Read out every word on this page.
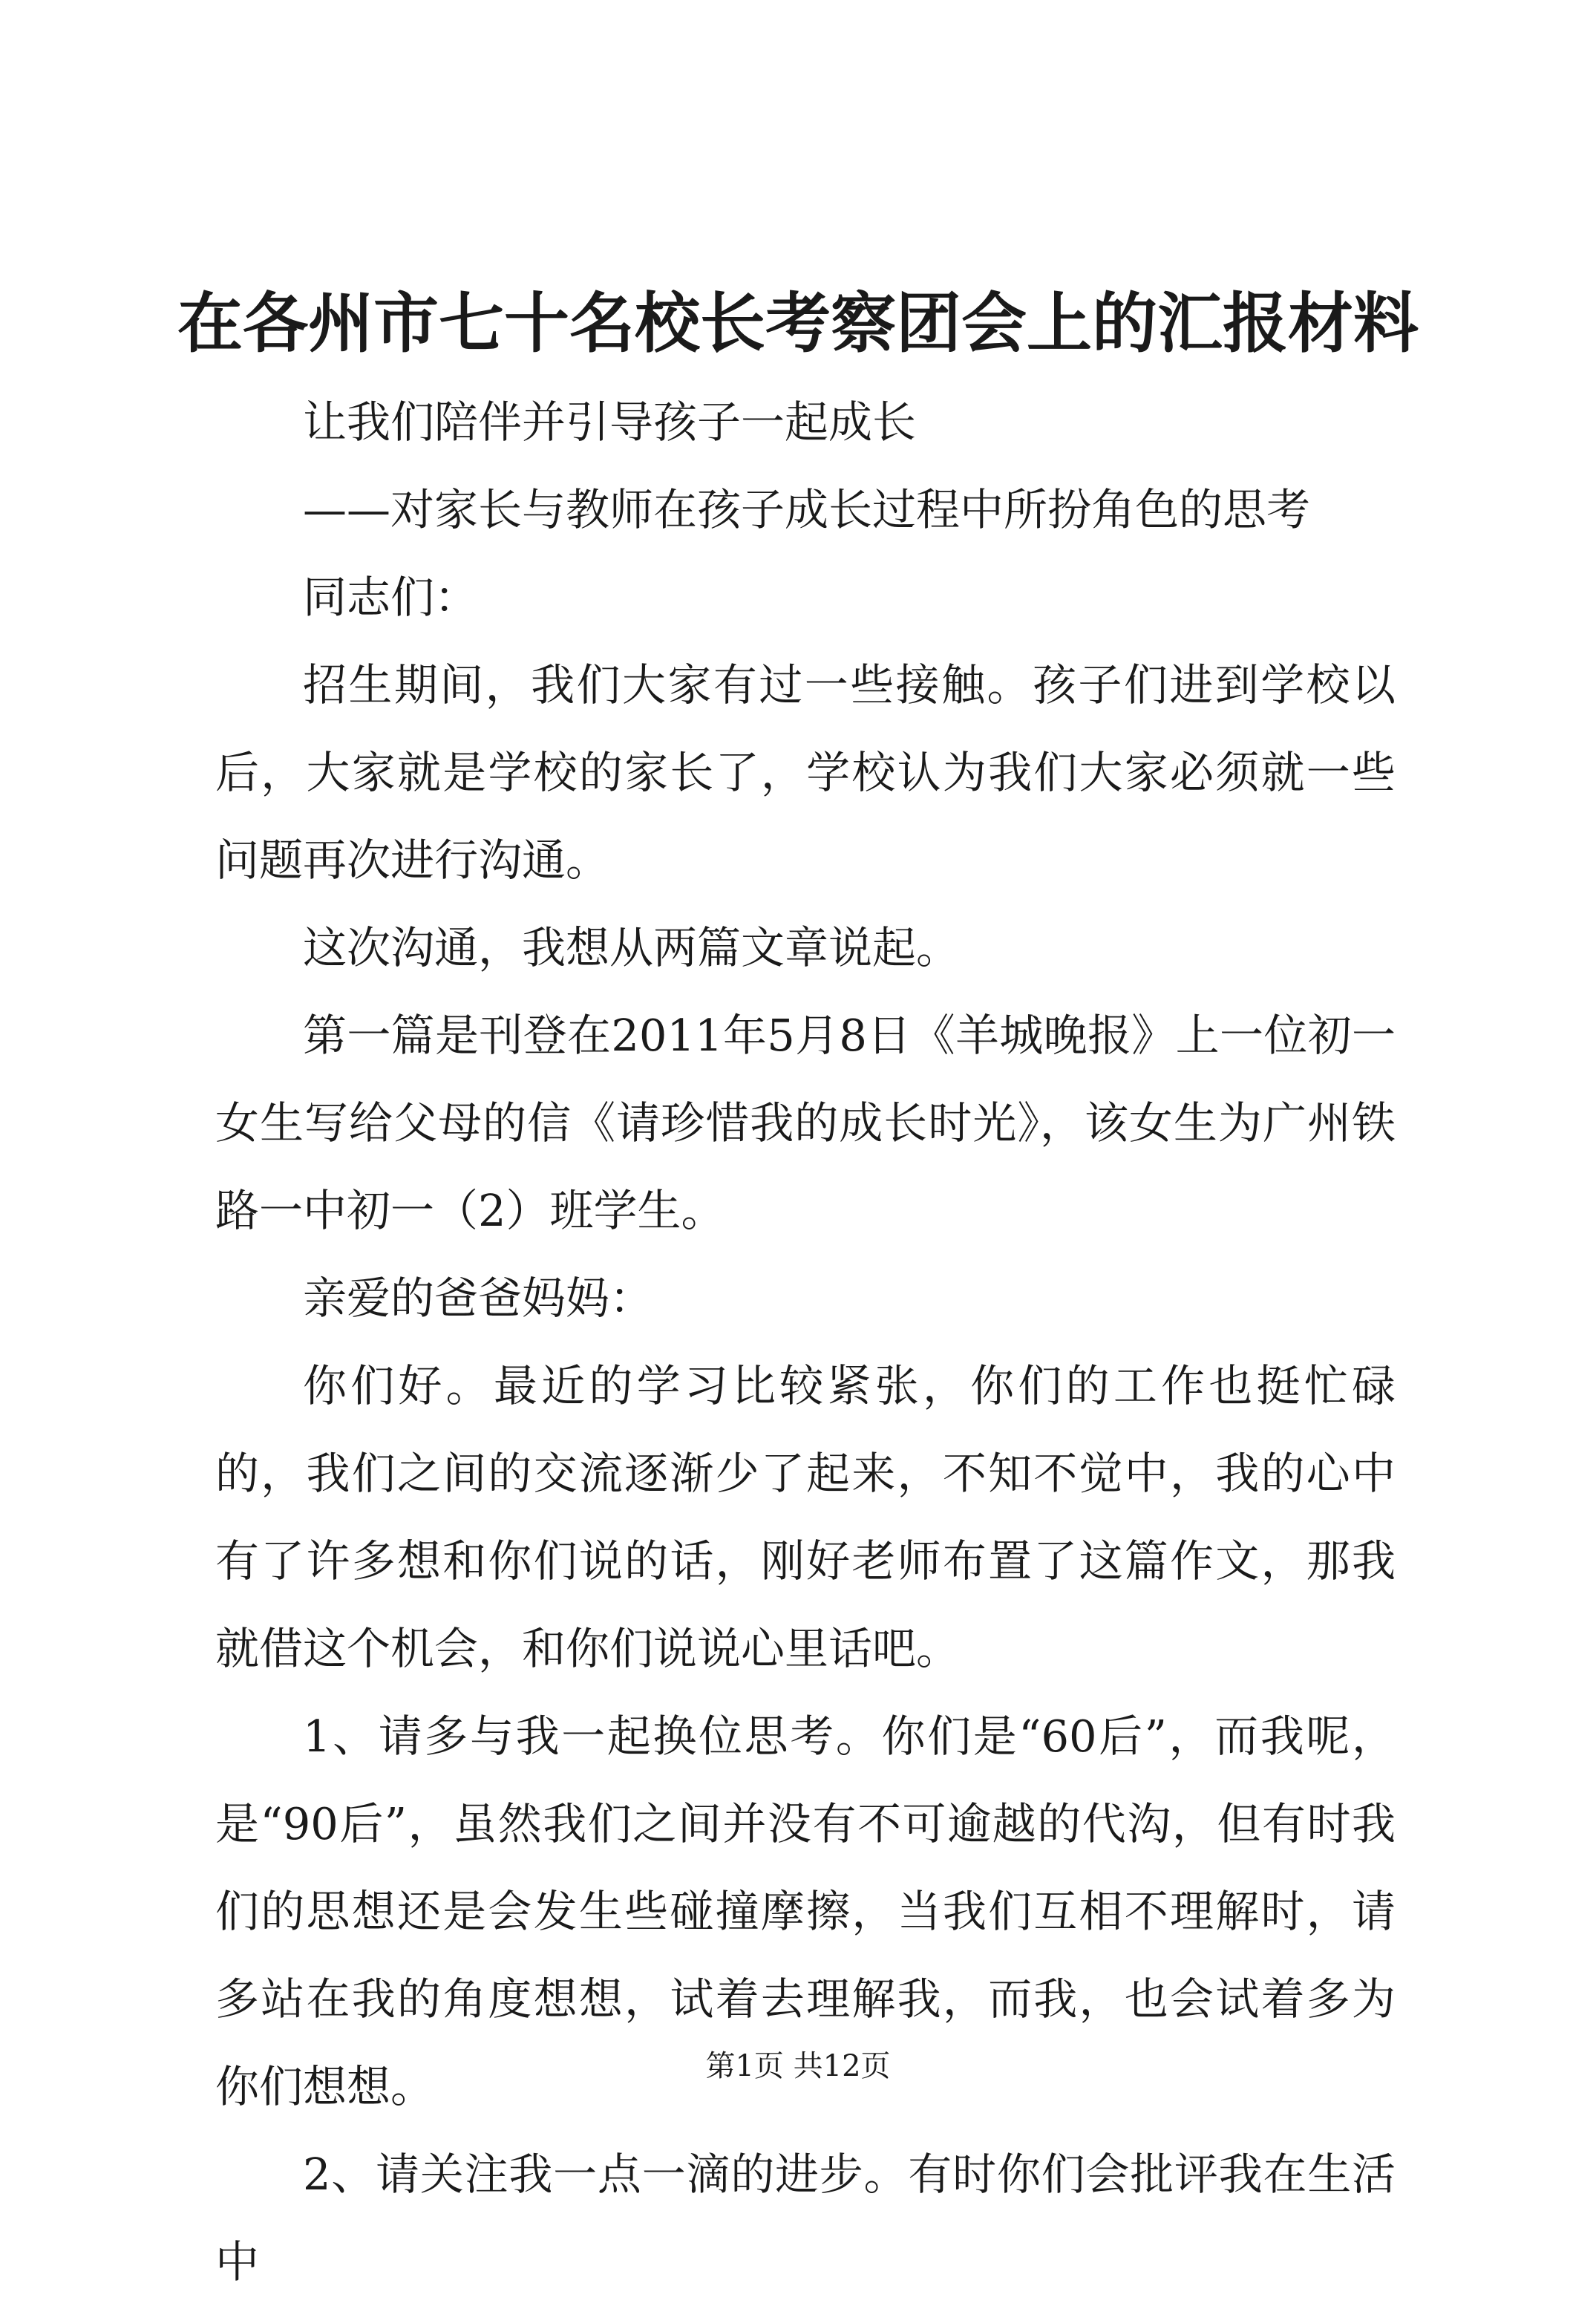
在各州市七十名校长考察团会上的汇报材料

让我们陪伴并引导孩子一起成长

——对家长与教师在孩子成长过程中所扮角色的思考

同志们：

招生期间，我们大家有过一些接触。孩子们进到学校以后，大家就是学校的家长了，学校认为我们大家必须就一些问题再次进行沟通。

这次沟通，我想从两篇文章说起。

第一篇是刊登在2011年5月8日《羊城晚报》上一位初一女生写给父母的信《请珍惜我的成长时光》，该女生为广州铁路一中初一（2）班学生。

亲爱的爸爸妈妈：

你们好。最近的学习比较紧张，你们的工作也挺忙碌的，我们之间的交流逐渐少了起来，不知不觉中，我的心中有了许多想和你们说的话，刚好老师布置了这篇作文，那我就借这个机会，和你们说说心里话吧。

1、请多与我一起换位思考。你们是“60后”，而我呢，是“90后”，虽然我们之间并没有不可逾越的代沟，但有时我们的思想还是会发生些碰撞摩擦，当我们互相不理解时，请多站在我的角度想想，试着去理解我，而我，也会试着多为你们想想。

2、请关注我一点一滴的进步。有时你们会批评我在生活中

第1页 共12页
